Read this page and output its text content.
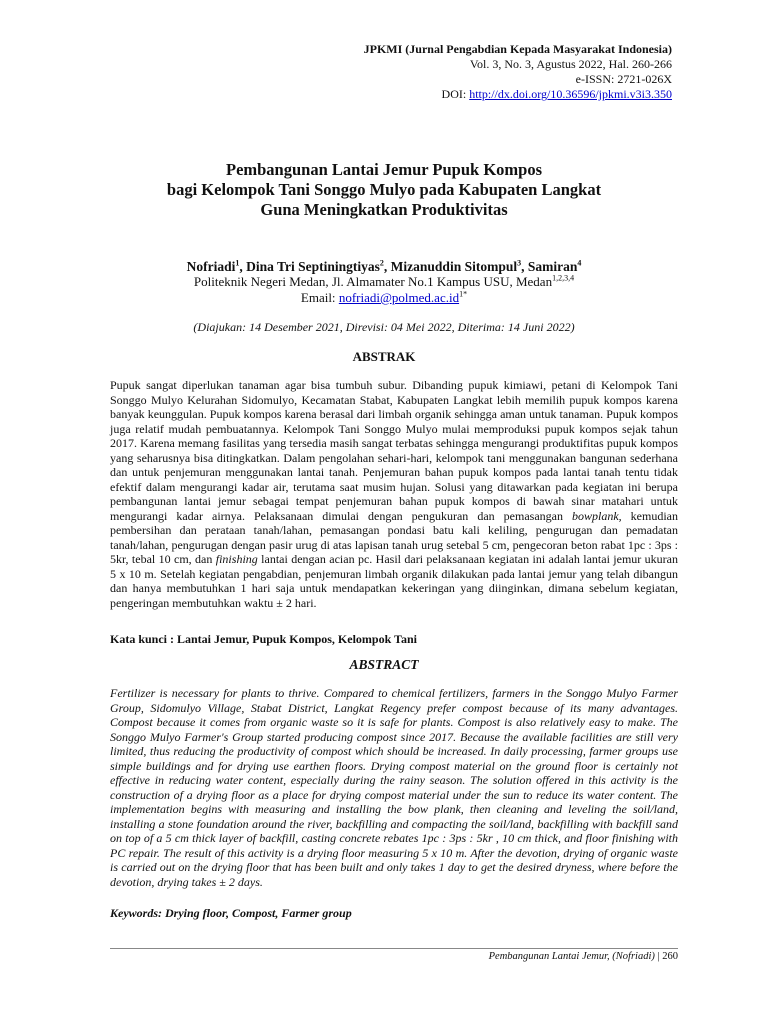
JPKMI (Jurnal Pengabdian Kepada Masyarakat Indonesia)
Vol. 3, No. 3, Agustus 2022, Hal. 260-266
e-ISSN: 2721-026X
DOI: http://dx.doi.org/10.36596/jpkmi.v3i3.350
Pembangunan Lantai Jemur Pupuk Kompos
bagi Kelompok Tani Songgo Mulyo pada Kabupaten Langkat
Guna Meningkatkan Produktivitas
Nofriadi$^1$, Dina Tri Septiningtiyas$^2$, Mizanuddin Sitompul$^3$, Samiran$^4$
Politeknik Negeri Medan, Jl. Almamater No.1 Kampus USU, Medan$^{1,2,3,4}$
Email: $nofriadi@polmed.ac.id^{1*}$
(Diajukan: 14 Desember 2021, Direvisi: 04 Mei 2022, Diterima: 14 Juni 2022)
ABSTRAK

Pupuk sangat diperlukan tanaman agar bisa tumbuh subur. Dibanding pupuk kimiawi, petani di Kelompok Tani Songgo Mulyo Kelurahan Sidomulyo, Kecamatan Stabat, Kabupaten Langkat lebih memilih pupuk kompos karena banyak keunggulan. Pupuk kompos karena berasal dari limbah organik sehingga aman untuk tanaman. Pupuk kompos juga relatif mudah pembuatannya. Kelompok Tani Songgo Mulyo mulai memproduksi pupuk kompos sejak tahun 2017. Karena memang fasilitas yang tersedia masih sangat terbatas sehingga mengurangi produktifitas pupuk kompos yang seharusnya bisa ditingkatkan. Dalam pengolahan sehari-hari, kelompok tani menggunakan bangunan sederhana dan untuk penjemuran menggunakan lantai tanah. Penjemuran bahan pupuk kompos pada lantai tanah tentu tidak efektif dalam mengurangi kadar air, terutama saat musim hujan. Solusi yang ditawarkan pada kegiatan ini berupa pembangunan lantai jemur sebagai tempat penjemuran bahan pupuk kompos di bawah sinar matahari untuk mengurangi kadar airnya. Pelaksanaan dimulai dengan pengukuran dan pemasangan bowplank, kemudian pembersihan dan perataan tanah/lahan, pemasangan pondasi batu kali keliling, pengurugan dan pemadatan tanah/lahan, pengurugan dengan pasir urug di atas lapisan tanah urug setebal 5 cm, pengecoran beton rabat 1pc : 3ps : 5kr, tebal 10 cm, dan finishing lantai dengan acian pc. Hasil dari pelaksanaan kegiatan ini adalah lantai jemur ukuran 5 x 10 m. Setelah kegiatan pengabdian, penjemuran limbah organik dilakukan pada lantai jemur yang telah dibangun dan hanya membutuhkan 1 hari saja untuk mendapatkan kekeringan yang diinginkan, dimana sebelum kegiatan, pengeringan membutuhkan waktu ± 2 hari.

Kata kunci : Lantai Jemur, Pupuk Kompos, Kelompok Tani
ABSTRACT

Fertilizer is necessary for plants to thrive. Compared to chemical fertilizers, farmers in the Songgo Mulyo Farmer Group, Sidomulyo Village, Stabat District, Langkat Regency prefer compost because of its many advantages. Compost because it comes from organic waste so it is safe for plants. Compost is also relatively easy to make. The Songgo Mulyo Farmer's Group started producing compost since 2017. Because the available facilities are still very limited, thus reducing the productivity of compost which should be increased. In daily processing, farmer groups use simple buildings and for drying use earthen floors. Drying compost material on the ground floor is certainly not effective in reducing water content, especially during the rainy season. The solution offered in this activity is the construction of a drying floor as a place for drying compost material under the sun to reduce its water content. The implementation begins with measuring and installing the bow plank, then cleaning and leveling the soil/land, installing a stone foundation around the river, backfilling and compacting the soil/land, backfilling with backfill sand on top of a 5 cm thick layer of backfill, casting concrete rebates 1pc : 3ps : 5kr , 10 cm thick, and floor finishing with PC repair. The result of this activity is a drying floor measuring 5 x 10 m. After the devotion, drying of organic waste is carried out on the drying floor that has been built and only takes 1 day to get the desired dryness, where before the devotion, drying takes ± 2 days.

Keywords: Drying floor, Compost, Farmer group
Pembangunan Lantai Jemur, (Nofriadi) | 260
